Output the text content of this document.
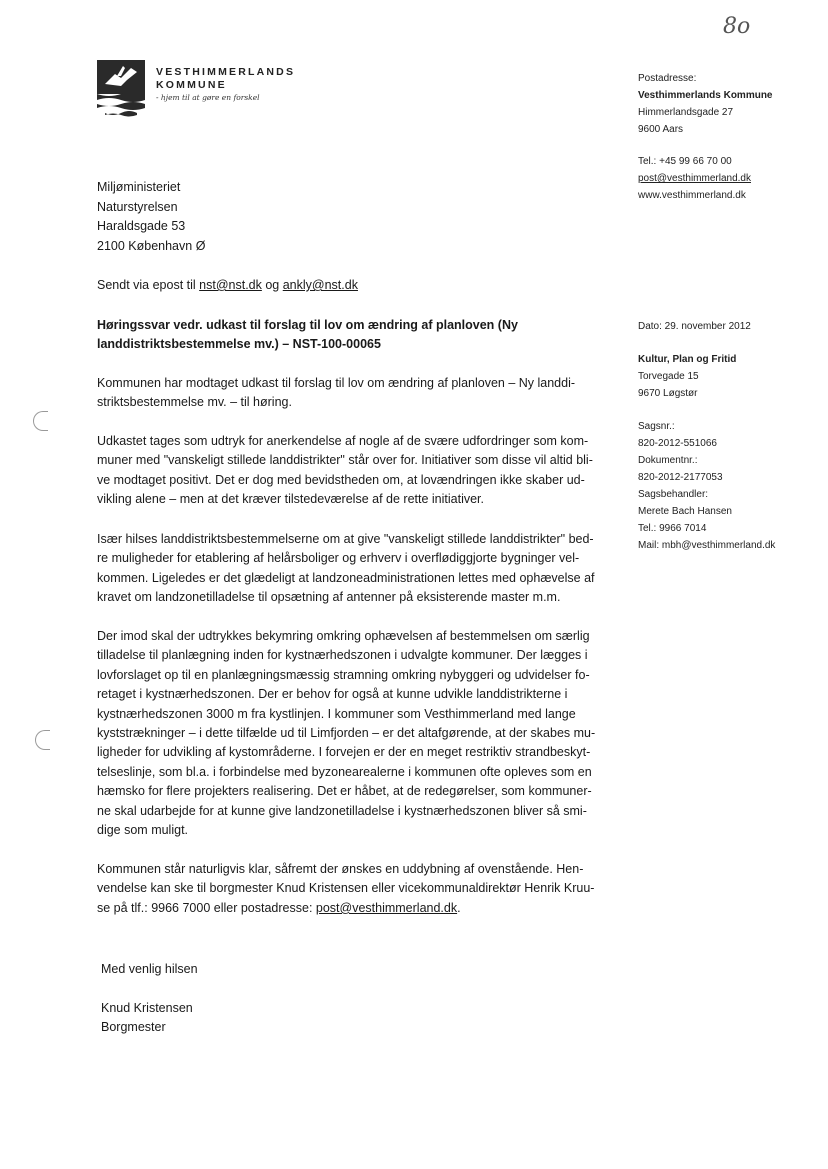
8o
VESTHIMMERLANDS
KOMMUNE
- hjem til at gøre en forskel
Postadresse:
Vesthimmerlands Kommune
Himmerlandsgade 27
9600 Aars
Tel.: +45 99 66 70 00
post@vesthimmerland.dk
www.vesthimmerland.dk
Dato: 29. november 2012
Kultur, Plan og Fritid
Torvegade 15
9670 Løgstør
Sagsnr.:
820-2012-551066
Dokumentnr.:
820-2012-2177053
Sagsbehandler:
Merete Bach Hansen
Tel.: 9966 7014
Mail: mbh@vesthimmerland.dk
Miljøministeriet
Naturstyrelsen
Haraldsgade 53
2100 København Ø
Sendt via epost til nst@nst.dk og ankly@nst.dk
Høringssvar vedr. udkast til forslag til lov om ændring af planloven (Ny
landdistriktsbestemmelse mv.) – NST-100-00065

Kommunen har modtaget udkast til forslag til lov om ændring af planloven – Ny landdi-
striktsbestemmelse mv. – til høring.

Udkastet tages som udtryk for anerkendelse af nogle af de svære udfordringer som kom-
muner med "vanskeligt stillede landdistrikter" står over for. Initiativer som disse vil altid bli-
ve modtaget positivt. Det er dog med bevidstheden om, at lovændringen ikke skaber ud-
vikling alene – men at det kræver tilstedeværelse af de rette initiativer.

Især hilses landdistriktsbestemmelserne om at give "vanskeligt stillede landdistrikter" bed-
re muligheder for etablering af helårsboliger og erhverv i overflødiggjorte bygninger vel-
kommen. Ligeledes er det glædeligt at landzoneadministrationen lettes med ophævelse af
kravet om landzonetilladelse til opsætning af antenner på eksisterende master m.m.

Der imod skal der udtrykkes bekymring omkring ophævelsen af bestemmelsen om særlig
tilladelse til planlægning inden for kystnærhedszonen i udvalgte kommuner. Der lægges i
lovforslaget op til en planlægningsmæssig stramning omkring nybyggeri og udvidelser fo-
retaget i kystnærhedszonen. Der er behov for også at kunne udvikle landdistrikterne i
kystnærhedszonen 3000 m fra kystlinjen. I kommuner som Vesthimmerland med lange
kyststrækninger – i dette tilfælde ud til Limfjorden – er det altafgørende, at der skabes mu-
ligheder for udvikling af kystområderne. I forvejen er der en meget restriktiv strandbeskyt-
telseslinje, som bl.a. i forbindelse med byzonearealerne i kommunen ofte opleves som en
hæmsko for flere projekters realisering. Det er håbet, at de redegørelser, som kommuner-
ne skal udarbejde for at kunne give landzonetilladelse i kystnærhedszonen bliver så smi-
dige som muligt.

Kommunen står naturligvis klar, såfremt der ønskes en uddybning af ovenstående. Hen-
vendelse kan ske til borgmester Knud Kristensen eller vicekommunaldirektør Henrik Kruu-
se på tlf.: 9966 7000 eller postadresse: post@vesthimmerland.dk.

Med venlig hilsen
Knud Kristensen
Borgmester
